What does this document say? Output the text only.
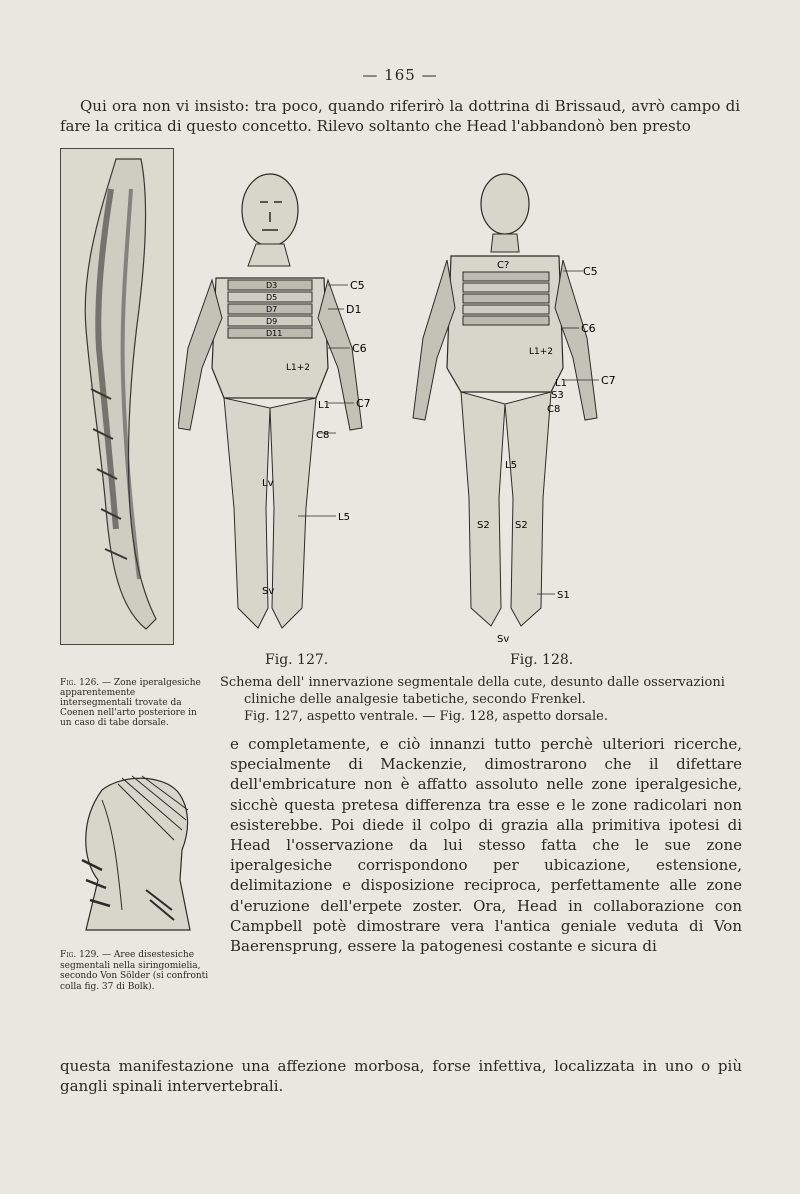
— 165 —
Qui ora non vi insisto: tra poco, quando riferirò la dottrina di Brissaud, avrò campo di fare la critica di questo concetto. Rilevo soltanto che Head l'abbandonò ben presto
C5
D1
C6
C7
L1
C8
Lv
L5
Sv
D3
D5
D7
D9
D11
L1+2
C?	C5
C6
C7
L1
S3
C8
L5
S2	S2
S1
L1+2
Sv
Fig. 127.	Fig. 128.
Fig. 126. — Zone iperalgesiche apparentemente intersegmentali trovate da Coenen nell'arto posteriore in un caso di tabe dorsale.
Schema dell' innervazione segmentale della cute, desunto dalle osservazioni
cliniche delle analgesie tabetiche, secondo Frenkel.
Fig. 127, aspetto ventrale. — Fig. 128, aspetto dorsale.
e completamente, e ciò innanzi tutto perchè ulteriori ricerche, specialmente di Mackenzie, dimostrarono che il difettare dell'embricature non è affatto assoluto nelle zone iperalgesiche, sicchè questa pretesa differenza tra esse e le zone radicolari non esisterebbe. Poi diede il colpo di grazia alla primitiva ipotesi di Head l'osservazione da lui stesso fatta che le sue zone iperalgesiche corrispondono per ubicazione, estensione, delimitazione e disposizione reciproca, perfettamente alle zone d'eruzione dell'erpete zoster. Ora, Head in collaborazione con Campbell potè dimostrare vera l'antica geniale veduta di Von Baerensprung, essere la patogenesi costante e sicura di
Fig. 129. — Aree disestesiche segmentali nella siringomielia, secondo Von Sölder (si confronti colla fig. 37 di Bolk).
questa manifestazione una affezione morbosa, forse infettiva, localizzata in uno o più gangli spinali intervertebrali.
